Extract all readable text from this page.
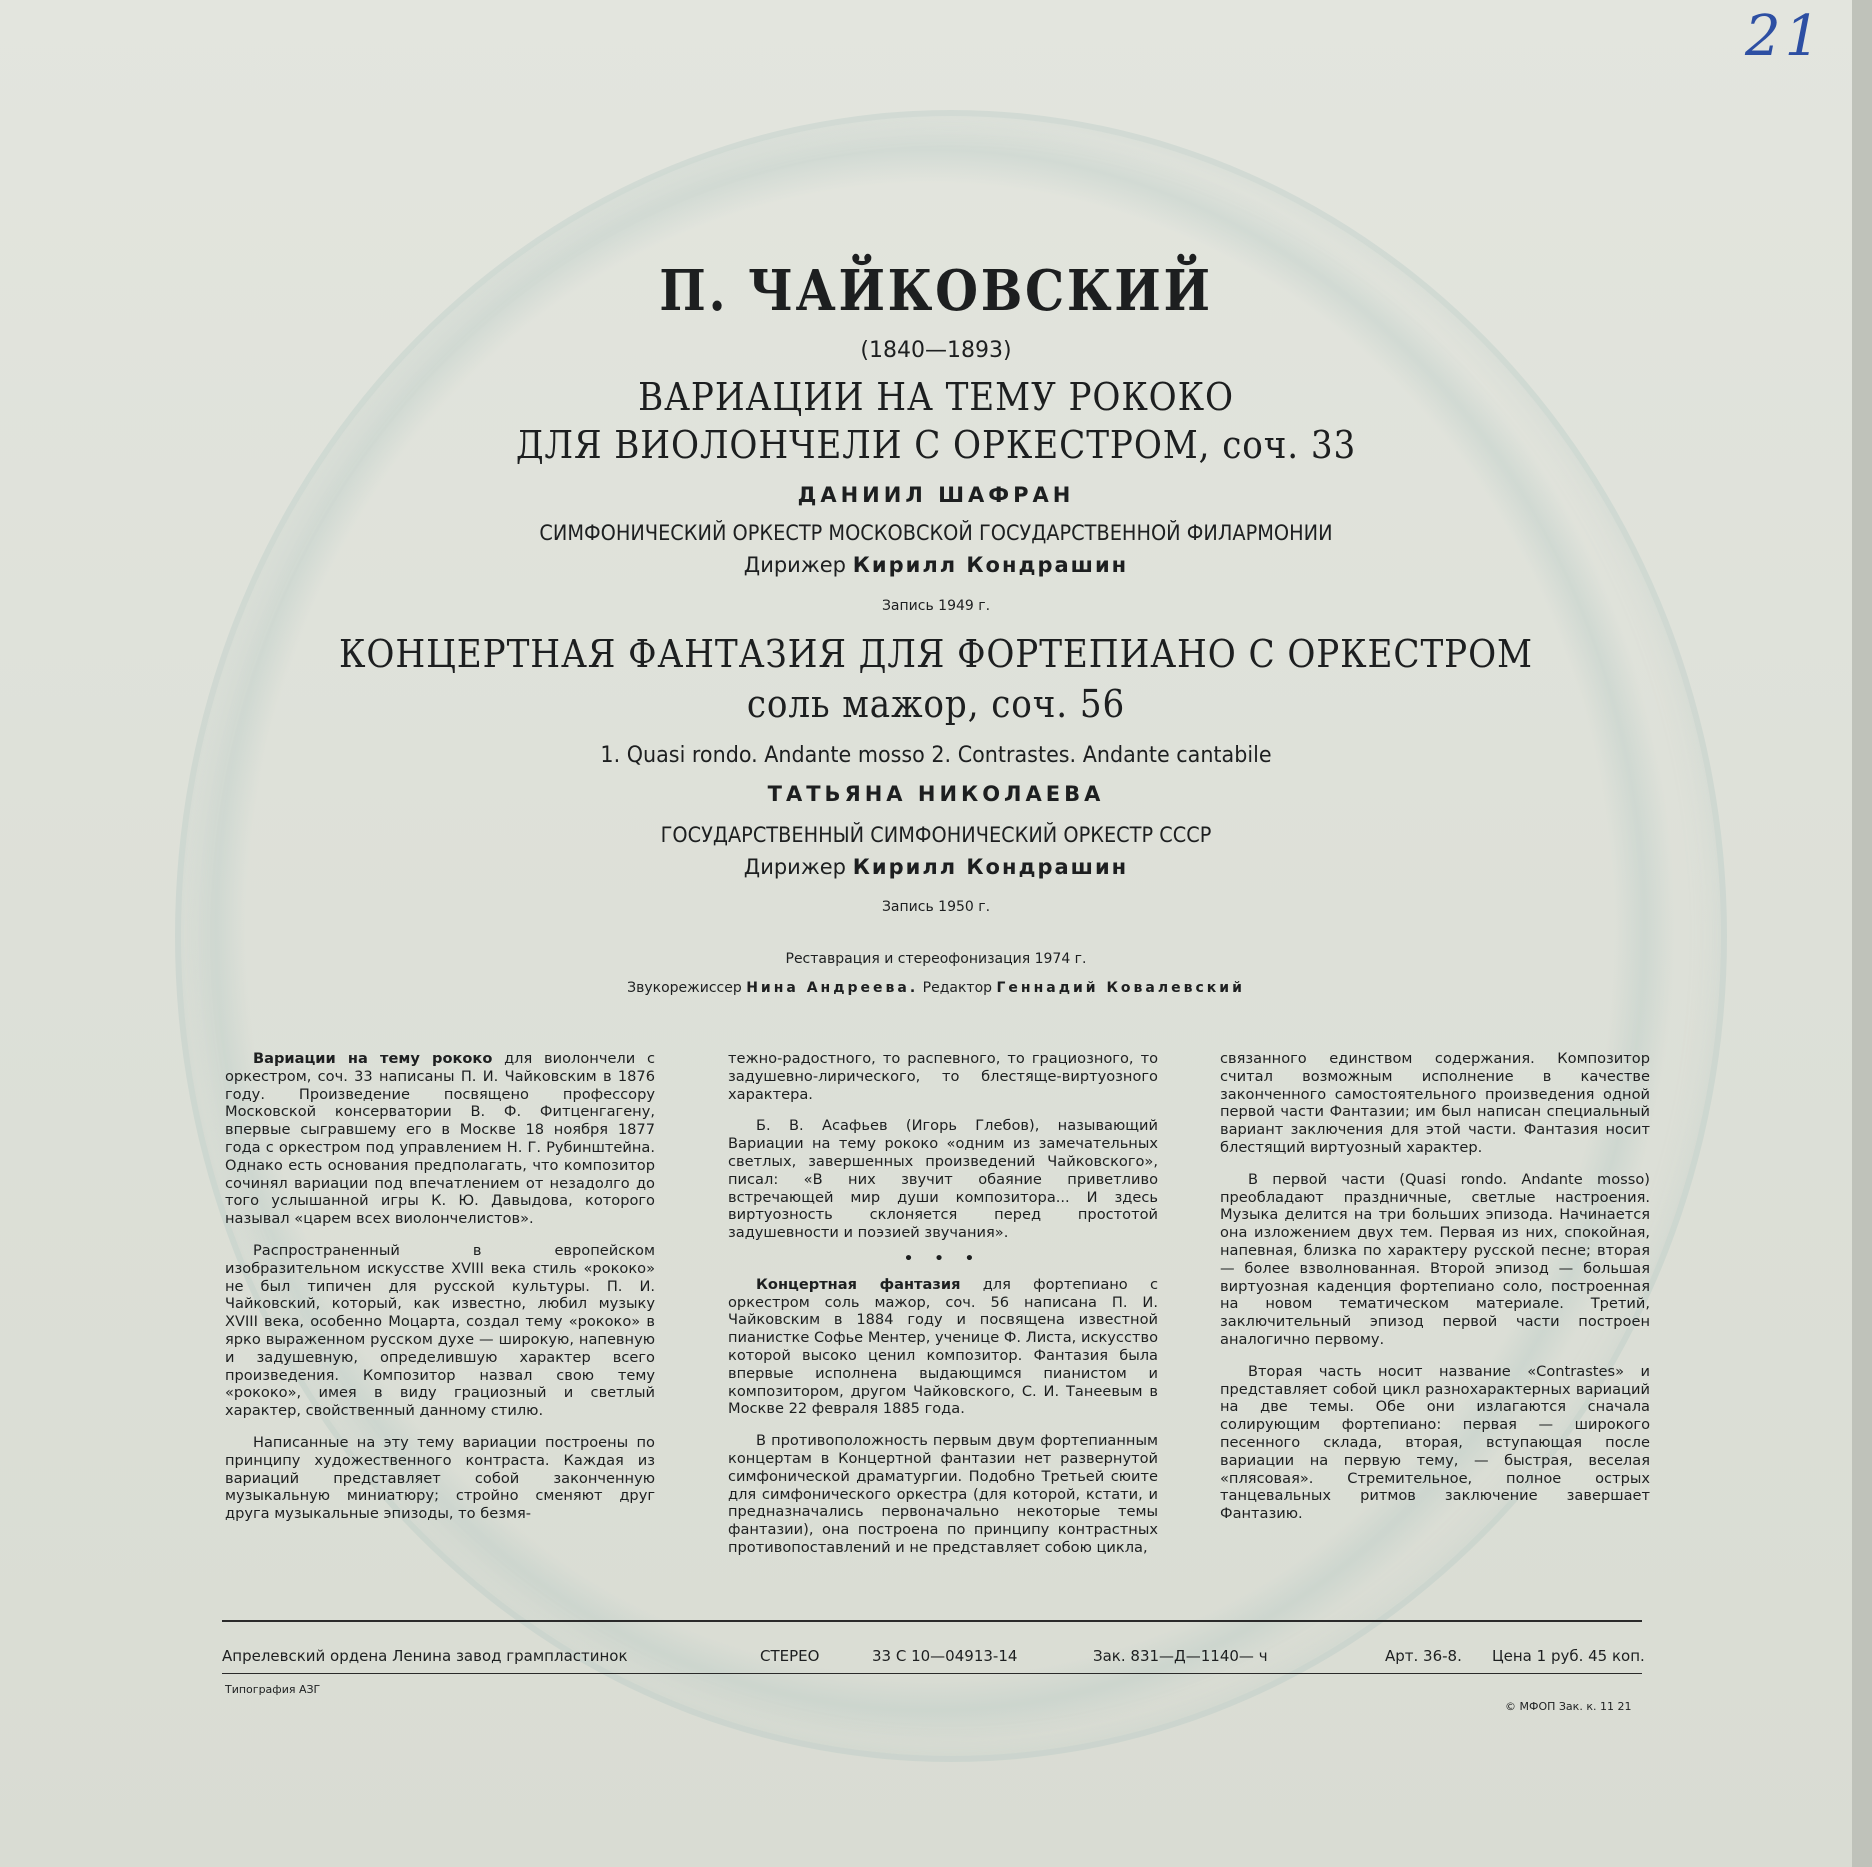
21
П. ЧАЙКОВСКИЙ
(1840—1893)
ВАРИАЦИИ НА ТЕМУ РОКОКО
ДЛЯ ВИОЛОНЧЕЛИ С ОРКЕСТРОМ, соч. 33
ДАНИИЛ ШАФРАН
СИМФОНИЧЕСКИЙ ОРКЕСТР МОСКОВСКОЙ ГОСУДАРСТВЕННОЙ ФИЛАРМОНИИ
Дирижер Кирилл Кондрашин
Запись 1949 г.
КОНЦЕРТНАЯ ФАНТАЗИЯ ДЛЯ ФОРТЕПИАНО С ОРКЕСТРОМ
соль мажор, соч. 56
1. Quasi rondo. Andante mosso 2. Contrastes. Andante cantabile
ТАТЬЯНА НИКОЛАЕВА
ГОСУДАРСТВЕННЫЙ СИМФОНИЧЕСКИЙ ОРКЕСТР СССР
Дирижер Кирилл Кондрашин
Запись 1950 г.
Реставрация и стереофонизация 1974 г.
Звукорежиссер Нина Андреева. Редактор Геннадий Ковалевский

Вариации на тему рококо для виолончели с оркестром, соч. 33 написаны П. И. Чайковским в 1876 году. Произведение посвящено профессору Московской консерватории В. Ф. Фитценгагену, впервые сыгравшему его в Москве 18 ноября 1877 года с оркестром под управлением Н. Г. Рубинштейна. Однако есть основания предполагать, что композитор сочинял вариации под впечатлением от незадолго до того услышанной игры К. Ю. Давыдова, которого называл «царем всех виолончелистов».

Распространенный в европейском изобразительном искусстве XVIII века стиль «рококо» не был типичен для русской культуры. П. И. Чайковский, который, как известно, любил музыку XVIII века, особенно Моцарта, создал тему «рококо» в ярко выраженном русском духе — широкую, напевную и задушевную, определившую характер всего произведения. Композитор назвал свою тему «рококо», имея в виду грациозный и светлый характер, свойственный данному стилю.

Написанные на эту тему вариации построены по принципу художественного контраста. Каждая из вариаций представляет собой законченную музыкальную миниатюру; стройно сменяют друг друга музыкальные эпизоды, то безмя-

тежно-радостного, то распевного, то грациозного, то задушевно-лирического, то блестяще-виртуозного характера.

Б. В. Асафьев (Игорь Глебов), называющий Вариации на тему рококо «одним из замечательных светлых, завершенных произведений Чайковского», писал: «В них звучит обаяние приветливо встречающей мир души композитора... И здесь виртуозность склоняется перед простотой задушевности и поэзией звучания».

• • •

Концертная фантазия для фортепиано с оркестром соль мажор, соч. 56 написана П. И. Чайковским в 1884 году и посвящена известной пианистке Софье Ментер, ученице Ф. Листа, искусство которой высоко ценил композитор. Фантазия была впервые исполнена выдающимся пианистом и композитором, другом Чайковского, С. И. Танеевым в Москве 22 февраля 1885 года.

В противоположность первым двум фортепианным концертам в Концертной фантазии нет развернутой симфонической драматургии. Подобно Третьей сюите для симфонического оркестра (для которой, кстати, и предназначались первоначально некоторые темы фантазии), она построена по принципу контрастных противопоставлений и не представляет собою цикла,

связанного единством содержания. Композитор считал возможным исполнение в качестве законченного самостоятельного произведения одной первой части Фантазии; им был написан специальный вариант заключения для этой части. Фантазия носит блестящий виртуозный характер.

В первой части (Quasi rondo. Andante mosso) преобладают праздничные, светлые настроения. Музыка делится на три больших эпизода. Начинается она изложением двух тем. Первая из них, спокойная, напевная, близка по характеру русской песне; вторая — более взволнованная. Второй эпизод — большая виртуозная каденция фортепиано соло, построенная на новом тематическом материале. Третий, заключительный эпизод первой части построен аналогично первому.

Вторая часть носит название «Contrastes» и представляет собой цикл разнохарактерных вариаций на две темы. Обе они излагаются сначала солирующим фортепиано: первая — широкого песенного склада, вторая, вступающая после вариации на первую тему, — быстрая, веселая «плясовая». Стремительное, полное острых танцевальных ритмов заключение завершает Фантазию.

Апрелевский ордена Ленина завод грампластинок	СТЕРЕО	33 С 10—04913-14	Зак. 831—Д—1140— ч	Арт. 36-8. Цена 1 руб. 45 коп.
Типография АЗГ
© МФОП Зак. к. 11 21
